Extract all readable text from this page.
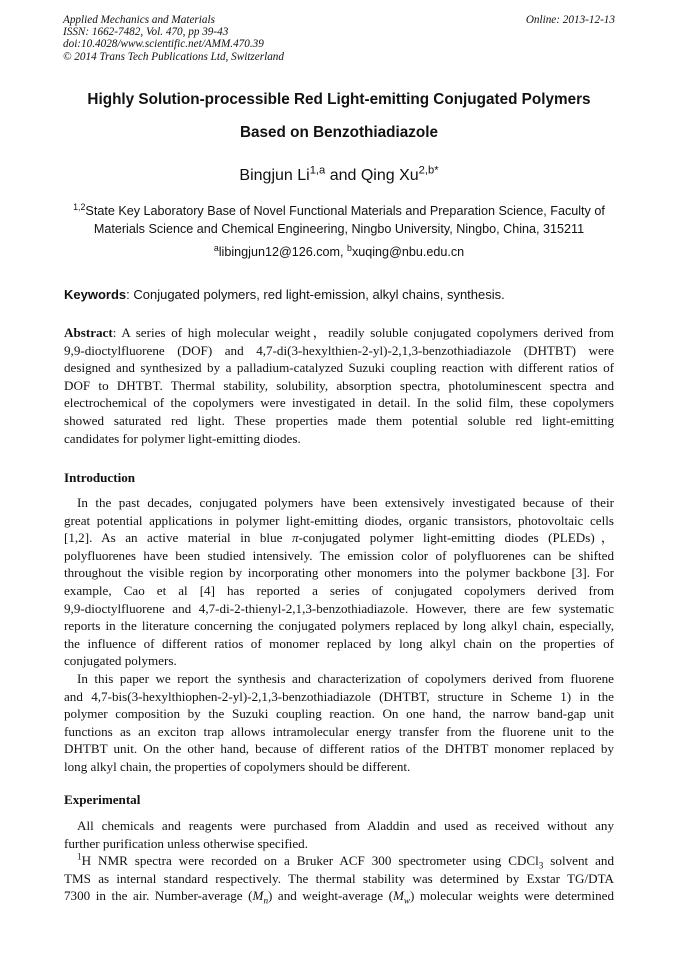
Applied Mechanics and Materials
ISSN: 1662-7482, Vol. 470, pp 39-43
doi:10.4028/www.scientific.net/AMM.470.39
© 2014 Trans Tech Publications Ltd, Switzerland
Online: 2013-12-13
Highly Solution-processible Red Light-emitting Conjugated Polymers
Based on Benzothiadiazole
Bingjun Li$^{1,a}$ and Qing $Xu^{2,b*}$
$^{1,2}$State Key Laboratory Base of Novel Functional Materials and Preparation Science, Faculty of
Materials Science and Chemical Engineering, Ningbo University, Ningbo, China, 315211
$^a$libingjun12@126.com, $^b$xuqing@nbu.edu.cn
Keywords: Conjugated polymers, red light-emission, alkyl chains, synthesis.
Abstract: A series of high molecular weight，readily soluble conjugated copolymers derived from
9,9-dioctylfluorene (DOF) and 4,7-di(3-hexylthien-2-yl)-2,1,3-benzothiadiazole (DHTBT) were
designed and synthesized by a palladium-catalyzed Suzuki coupling reaction with different ratios of
DOF to DHTBT. Thermal stability, solubility, absorption spectra, photoluminescent spectra and
electrochemical of the copolymers were investigated in detail. In the solid film, these copolymers
showed saturated red light. These properties made them potential soluble red light-emitting
candidates for polymer light-emitting diodes.
Introduction
In the past decades, conjugated polymers have been extensively investigated because of their
great potential applications in polymer light-emitting diodes, organic transistors, photovoltaic cells
[1,2]. As an active material in blue π-conjugated polymer light-emitting diodes (PLEDs)，
polyfluorenes have been studied intensively. The emission color of polyfluorenes can be shifted
throughout the visible region by incorporating other monomers into the polymer backbone [3]. For
example, Cao et al [4] has reported a series of conjugated copolymers derived from
9,9-dioctylfluorene and 4,7-di-2-thienyl-2,1,3-benzothiadiazole. However, there are few systematic
reports in the literature concerning the conjugated polymers replaced by long alkyl chain, especially,
the influence of different ratios of monomer replaced by long alkyl chain on the properties of
conjugated polymers.
In this paper we report the synthesis and characterization of copolymers derived from fluorene
and 4,7-bis(3-hexylthiophen-2-yl)-2,1,3-benzothiadiazole (DHTBT, structure in Scheme 1) in the
polymer composition by the Suzuki coupling reaction. On one hand, the narrow band-gap unit
functions as an exciton trap allows intramolecular energy transfer from the fluorene unit to the
DHTBT unit. On the other hand, because of different ratios of the DHTBT monomer replaced by
long alkyl chain, the properties of copolymers should be different.
Experimental
All chemicals and reagents were purchased from Aladdin and used as received without any
further purification unless otherwise specified.
$^1$H NMR spectra were recorded on a Bruker ACF 300 spectrometer using CDCl$_3$ solvent and
TMS as internal standard respectively. The thermal stability was determined by Exstar TG/DTA
7300 in the air. Number-average $(M_n)$ and weight-average $(M_w)$ molecular weights were determined
